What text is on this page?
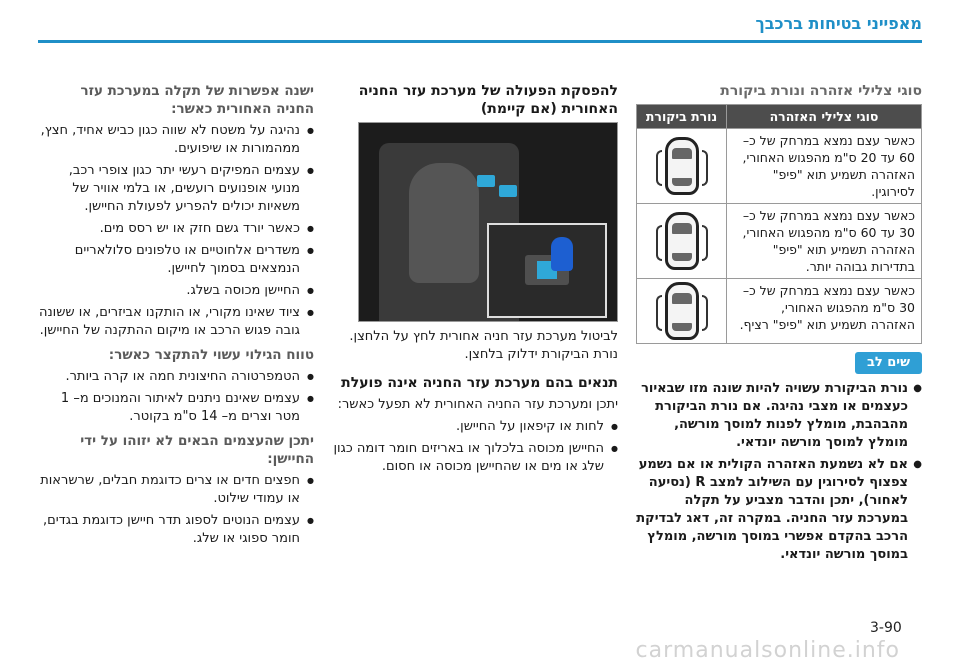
מאפייני בטיחות ברכבך
סוגי צלילי אזהרה ונורת ביקורת
סוגי צלילי האזהרה	נורת ביקורת
כאשר עצם נמצא במרחק של כ– 60 עד 20 ס"מ מהפגוש האחורי, האזהרה תשמיע תוא "פיפ" לסירוגין.	

כאשר עצם נמצא במרחק של כ– 30 עד 60 ס"מ מהפגוש האחורי, האזהרה תשמיע תוא "פיפ" בתדירות גבוהה יותר.	

כאשר עצם נמצא במרחק של כ– 30 ס"מ מהפגוש האחורי, האזהרה תשמיע תוא "פיפ" רציף.	
שים לב
● נורת הביקורת עשויה להיות שונה מזו שבאיור כעצמים או מצבי נהיגה. אם נורת הביקורת מהבהבת, מומלץ לפנות למוסך מורשה, מומלץ למוסך מורשה יונדאי.
● אם לא נשמעת האזהרה הקולית או אם נשמע צפצוף לסירוגין עם השילוב למצב R (נסיעה לאחור), יתכן והדבר מצביע על תקלה במערכת עזר החניה. במקרה זה, דאג לבדיקת הרכב בהקדם אפשרי במוסך מורשה, מומלץ במוסך מורשה יונדאי.
להפסקת הפעולה של מערכת עזר החניה האחורית (אם קיימת)
לביטול מערכת עזר חניה אחורית לחץ על הלחצן. נורת הביקורת ידלוק בלחצן.
תנאים בהם מערכת עזר החניה אינה פועלת
יתכן ומערכת עזר החניה האחורית לא תפעל כאשר:
● לחות או קיפאון על החיישן.
● החיישן מכוסה בלכלוך או באריזים חומר דומה כגון שלג או מים או שהחיישן מכוסה או חסום.
ישנה אפשרות של תקלה במערכת עזר החניה האחורית כאשר:
● נהיגה על משטח לא שווה כגון כביש אחיד, חצץ, ממהמורות או שיפועים.
● עצמים המפיקים רעשי יתר כגון צופרי רכב, מנועי אופנועים רועשים, או בלמי אוויר של משאיות יכולים להפריע לפעולת החיישן.
● כאשר יורד גשם חזק או יש רסס מים.
● משדרים אלחוטיים או טלפונים סלולאריים הנמצאים בסמוך לחיישן.
● החיישן מכוסה בשלג.
● ציוד שאינו מקורי, או הותקנו אביזרים, או ששונה גובה פגוש הרכב או מיקום ההתקנה של החיישן.
טווח הגילוי עשוי להתקצר כאשר:
● הטמפרטורה החיצונית חמה או קרה ביותר.
● עצמים שאינם ניתנים לאיתור והמנוכים מ– 1 מטר וצרים מ– 14 ס"מ בקוטר.
יתכן שהעצמים הבאים לא יזוהו על ידי החיישן:
● חפצים חדים או צרים כדוגמת חבלים, שרשראות או עמודי שילוט.
● עצמים הנוטים לספוג תדר חיישן כדוגמת בגדים, חומר ספוגי או שלג.
3-90
carmanualsonline.info
